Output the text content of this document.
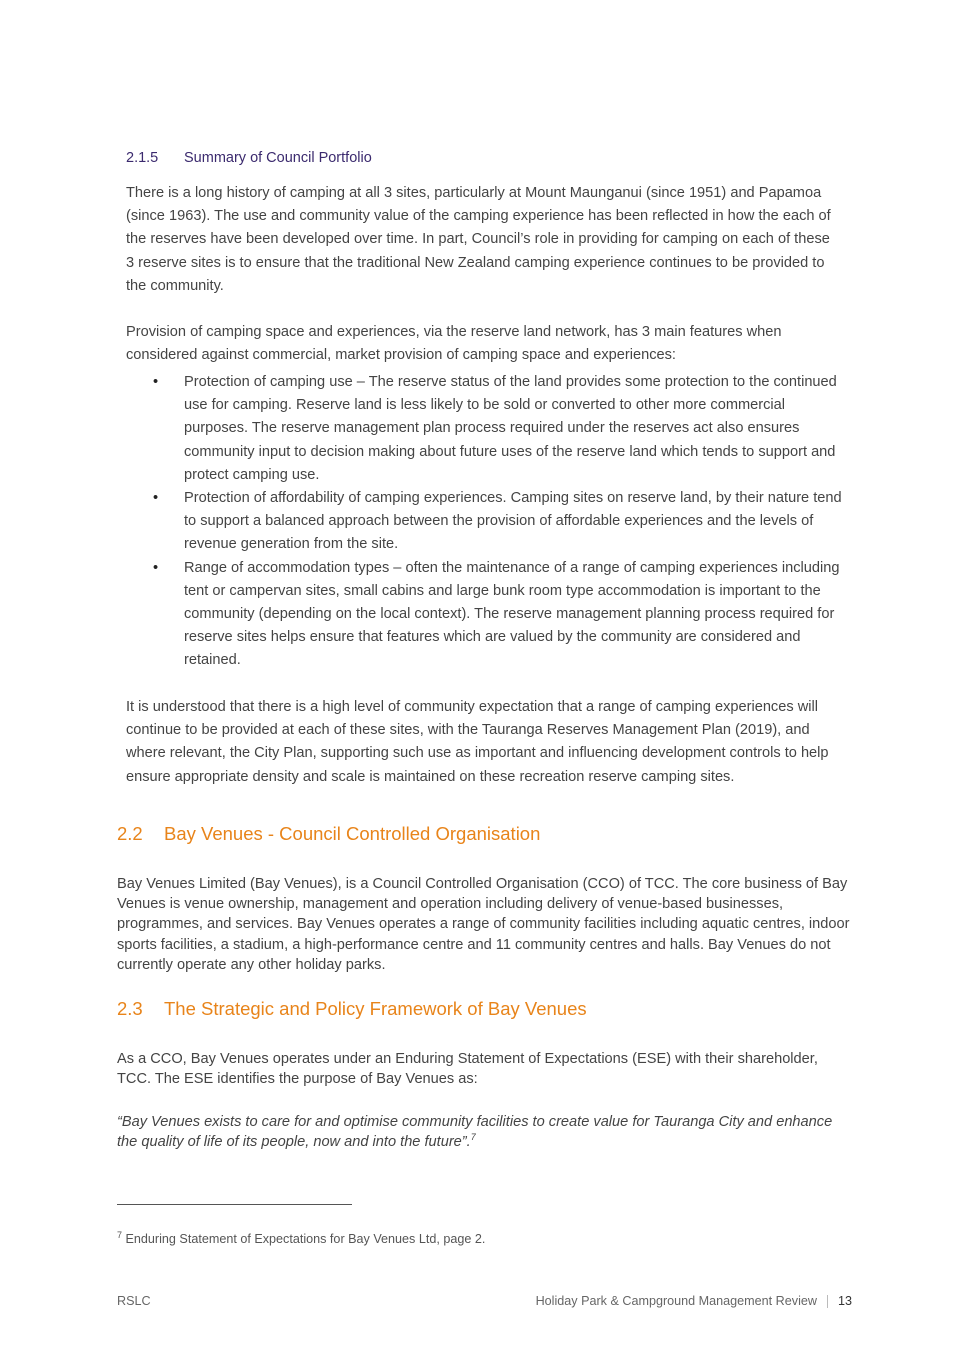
2.1.5	Summary of Council Portfolio
There is a long history of camping at all 3 sites, particularly at Mount Maunganui (since 1951) and Papamoa (since 1963). The use and community value of the camping experience has been reflected in how the each of the reserves have been developed over time. In part, Council’s role in providing for camping on each of these 3 reserve sites is to ensure that the traditional New Zealand camping experience continues to be provided to the community.
Provision of camping space and experiences, via the reserve land network, has 3 main features when considered against commercial, market provision of camping space and experiences:
• Protection of camping use – The reserve status of the land provides some protection to the continued use for camping. Reserve land is less likely to be sold or converted to other more commercial purposes. The reserve management plan process required under the reserves act also ensures community input to decision making about future uses of the reserve land which tends to support and protect camping use.
• Protection of affordability of camping experiences. Camping sites on reserve land, by their nature tend to support a balanced approach between the provision of affordable experiences and the levels of revenue generation from the site.
• Range of accommodation types – often the maintenance of a range of camping experiences including tent or campervan sites, small cabins and large bunk room type accommodation is important to the community (depending on the local context). The reserve management planning process required for reserve sites helps ensure that features which are valued by the community are considered and retained.
It is understood that there is a high level of community expectation that a range of camping experiences will continue to be provided at each of these sites, with the Tauranga Reserves Management Plan (2019), and where relevant, the City Plan, supporting such use as important and influencing development controls to help ensure appropriate density and scale is maintained on these recreation reserve camping sites.
2.2	Bay Venues - Council Controlled Organisation
Bay Venues Limited (Bay Venues), is a Council Controlled Organisation (CCO) of TCC. The core business of Bay Venues is venue ownership, management and operation including delivery of venue-based businesses, programmes, and services. Bay Venues operates a range of community facilities including aquatic centres, indoor sports facilities, a stadium, a high-performance centre and 11 community centres and halls. Bay Venues do not currently operate any other holiday parks.
2.3	The Strategic and Policy Framework of Bay Venues
As a CCO, Bay Venues operates under an Enduring Statement of Expectations (ESE) with their shareholder, TCC. The ESE identifies the purpose of Bay Venues as:
“Bay Venues exists to care for and optimise community facilities to create value for Tauranga City and enhance the quality of life of its people, now and into the future”.$^7$
$^7$ Enduring Statement of Expectations for Bay Venues Ltd, page 2.
RSLC	Holiday Park & Campground Management Review 13
